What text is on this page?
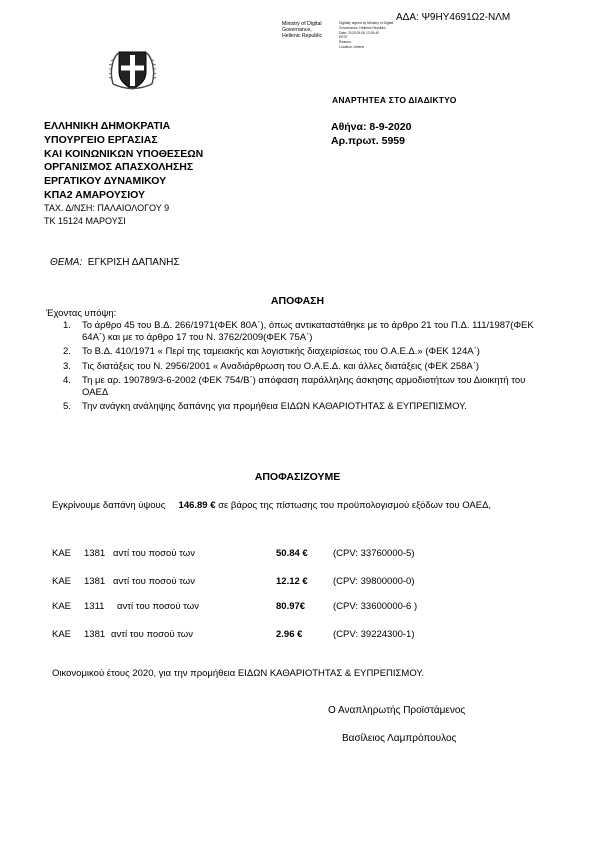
ΑΔΑ: Ψ9ΗΥ4691Ω2-ΝΛΜ
Ministry of Digital
Governance,
Hellenic Republic
Digitally signed by Ministry of Digital
Governance, Hellenic Republic
Date: 2020.09.08 12:05:40
EEST
Reason:
Location: Athens
ΑΝΑΡΤΗΤΕΑ ΣΤΟ ΔΙΑΔΙΚΤΥΟ
ΕΛΛΗΝΙΚΗ ΔΗΜΟΚΡΑΤΙΑ
ΥΠΟΥΡΓΕΙΟ ΕΡΓΑΣΙΑΣ
ΚΑΙ ΚΟΙΝΩΝΙΚΩΝ ΥΠΟΘΕΣΕΩΝ
ΟΡΓΑΝΙΣΜΟΣ ΑΠΑΣΧΟΛΗΣΗΣ
ΕΡΓΑΤΙΚΟΥ ΔΥΝΑΜΙΚΟΥ
ΚΠΑ2 ΑΜΑΡΟΥΣΙΟΥ
ΤΑΧ. Δ/ΝΣΗ: ΠΑΛΑΙΟΛΟΓΟΥ 9
ΤΚ 15124 ΜΑΡΟΥΣΙ
Αθήνα: 8-9-2020
Αρ.πρωτ. 5959
ΘΕΜΑ: ΕΓΚΡΙΣΗ ΔΑΠΑΝΗΣ
ΑΠΟΦΑΣΗ
Έχοντας υπόψη:
1. Το άρθρο 45 του Β.Δ. 266/1971(ΦΕΚ 80Α΄), όπως αντικαταστάθηκε με το άρθρο 21 του Π.Δ. 111/1987(ΦΕΚ 64Α΄) και με το άρθρο 17 του Ν. 3762/2009(ΦΕΚ 75Α΄)
2. Το Β.Δ. 410/1971 « Περί της ταμειακής και λογιστικής διαχειρίσεως του Ο.Α.Ε.Δ.» (ΦΕΚ 124Α΄)
3. Τις διατάξεις του Ν. 2956/2001 « Αναδιάρθρωση του Ο.Α.Ε.Δ. και άλλες διατάξεις (ΦΕΚ 258Α΄)
4. Τη με αρ. 190789/3-6-2002 (ΦΕΚ 754/Β΄) απόφαση παράλληλης άσκησης αρμοδιοτήτων του Διοικητή του ΟΑΕΔ
5. Την ανάγκη ανάληψης δαπάνης για προμήθεια ΕΙΔΩΝ ΚΑΘΑΡΙΟΤΗΤΑΣ & ΕΥΠΡΕΠΙΣΜΟΥ.
ΑΠΟΦΑΣΙΖΟΥΜΕ
Εγκρίνουμε δαπάνη ύψους 146.89 € σε βάρος της πίστωσης του προϋπολογισμού εξόδων του ΟΑΕΔ,
ΚΑΕ 1381 αντί του ποσού των	50.84 €	(CPV: 33760000-5)
ΚΑΕ 1381 αντί του ποσού των	12.12 €	(CPV: 39800000-0)
ΚΑΕ 1311 αντί του ποσού των	80.97€	(CPV: 33600000-6 )
ΚΑΕ 1381 αντί του ποσού των	2.96 €	(CPV: 39224300-1)
Οικονομικού έτους 2020, για την προμήθεια ΕΙΔΩΝ ΚΑΘΑΡΙΟΤΗΤΑΣ & ΕΥΠΡΕΠΙΣΜΟΥ.
Ο Αναπληρωτής Προϊστάμενος
Βασίλειος Λαμπρόπουλος
